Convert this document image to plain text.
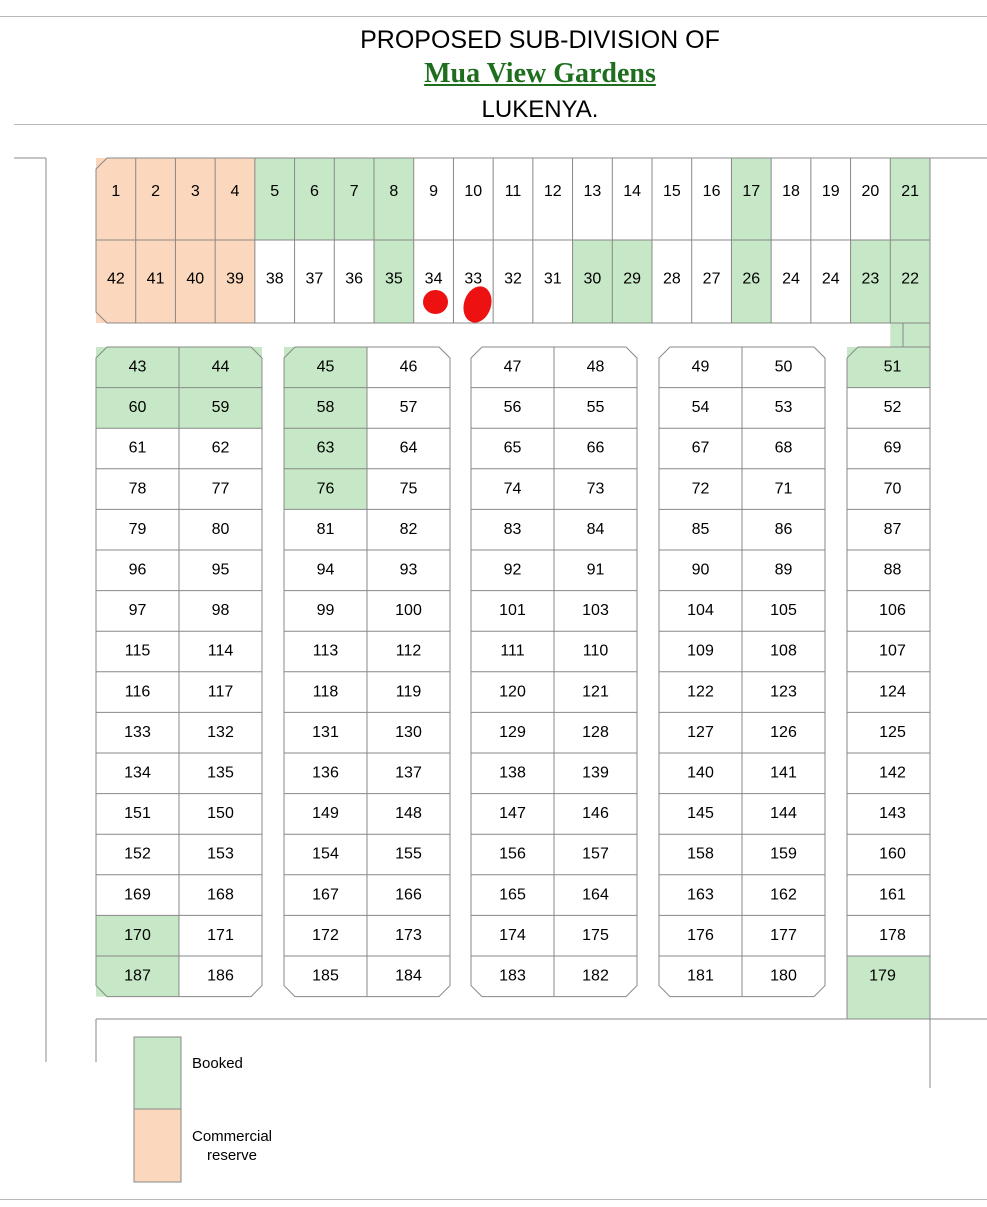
PROPOSED SUB-DIVISION OF
Mua View Gardens
LUKENYA.
1 2 3 4 5 6 7 8 9 10 11 12 13 14 15 16 17 18 19 20 21
42 41 40 39 38 37 36 35 34 33 32 31 30 29 28 27 26 24 24 23 22
43	44
60	59
61	62
78	77
79	80
96	95
97	98
115	114
116	117
133	132
134	135
151	150
152	153
169	168
170	171
187	186
45	46
58	57
63	64
76	75
81	82
94	93
99	100
113	112
118	119
131	130
136	137
149	148
154	155
167	166
172	173
185	184
47	48
56	55
65	66
74	73
83	84
92	91
101	103
111	110
120	121
129	128
138	139
147	146
156	157
165	164
174	175
183	182
49	50
54	53
67	68
72	71
85	86
90	89
104	105
109	108
122	123
127	126
140	141
145	144
158	159
163	162
176	177
181	180
51
52
69
70
87
88
106
107
124
125
142
143
160
161
178
179
Booked
Commercial
reserve
